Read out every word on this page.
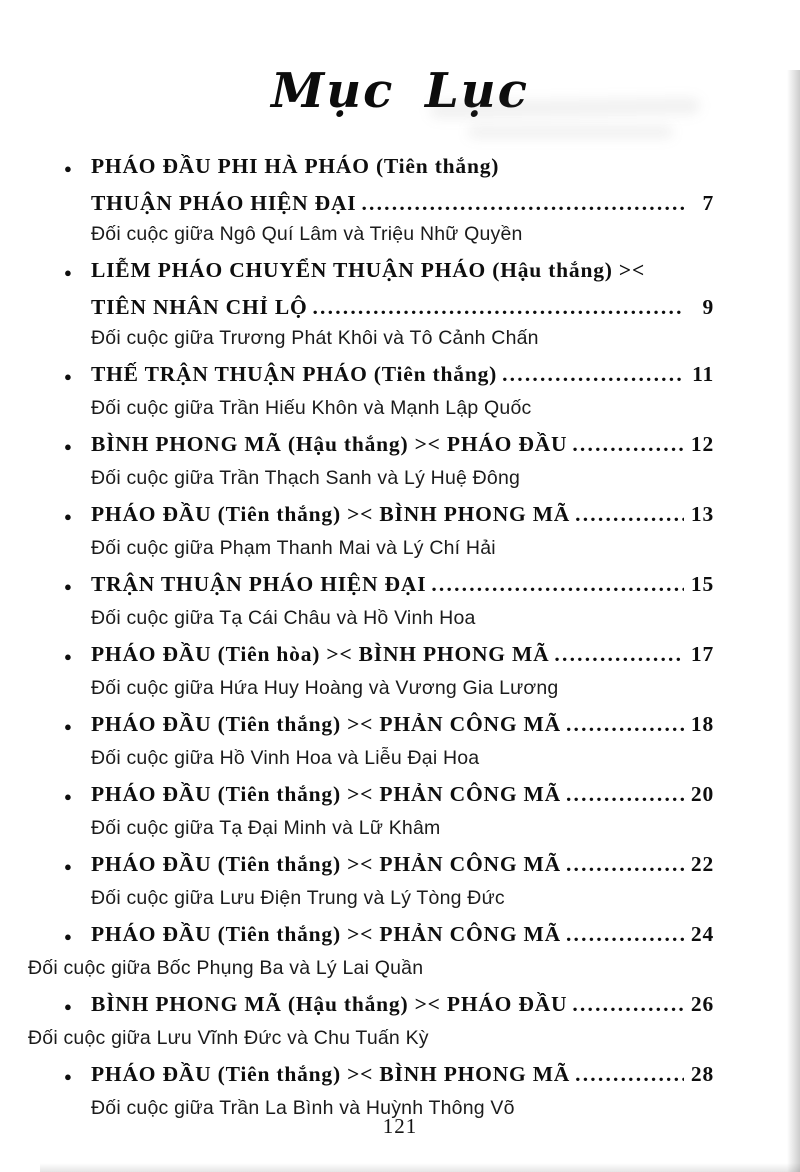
Mục Lục
● PHÁO ĐẦU PHI HÀ PHÁO (Tiên thắng)
THUẬN PHÁO HIỆN ĐẠI .....	7
Đối cuộc giữa Ngô Quí Lâm và Triệu Nhữ Quyền
● LIỄM PHÁO CHUYỂN THUẬN PHÁO (Hậu thắng) ><
TIÊN NHÂN CHỈ LỘ .....	9
Đối cuộc giữa Trương Phát Khôi và Tô Cảnh Chấn
● THẾ TRẬN THUẬN PHÁO (Tiên thắng) .....	11
Đối cuộc giữa Trần Hiếu Khôn và Mạnh Lập Quốc
● BÌNH PHONG MÃ (Hậu thắng) >< PHÁO ĐẦU .....	12
Đối cuộc giữa Trần Thạch Sanh và Lý Huệ Đông
● PHÁO ĐẦU (Tiên thắng) >< BÌNH PHONG MÃ .....	13
Đối cuộc giữa Phạm Thanh Mai và Lý Chí Hải
● TRẬN THUẬN PHÁO HIỆN ĐẠI .....	15
Đối cuộc giữa Tạ Cái Châu và Hồ Vinh Hoa
● PHÁO ĐẦU (Tiên hòa) >< BÌNH PHONG MÃ .....	17
Đối cuộc giữa Hứa Huy Hoàng và Vương Gia Lương
● PHÁO ĐẦU (Tiên thắng) >< PHẢN CÔNG MÃ .....	18
Đối cuộc giữa Hồ Vinh Hoa và Liễu Đại Hoa
● PHÁO ĐẦU (Tiên thắng) >< PHẢN CÔNG MÃ .....	20
Đối cuộc giữa Tạ Đại Minh và Lữ Khâm
● PHÁO ĐẦU (Tiên thắng) >< PHẢN CÔNG MÃ .....	22
Đối cuộc giữa Lưu Điện Trung và Lý Tòng Đức
● PHÁO ĐẦU (Tiên thắng) >< PHẢN CÔNG MÃ .....	24
Đối cuộc giữa Bốc Phụng Ba và Lý Lai Quần
● BÌNH PHONG MÃ (Hậu thắng) >< PHÁO ĐẦU .....	26
Đối cuộc giữa Lưu Vĩnh Đức và Chu Tuấn Kỳ
● PHÁO ĐẦU (Tiên thắng) >< BÌNH PHONG MÃ .....	28
Đối cuộc giữa Trần La Bình và Huỳnh Thông Võ
121
